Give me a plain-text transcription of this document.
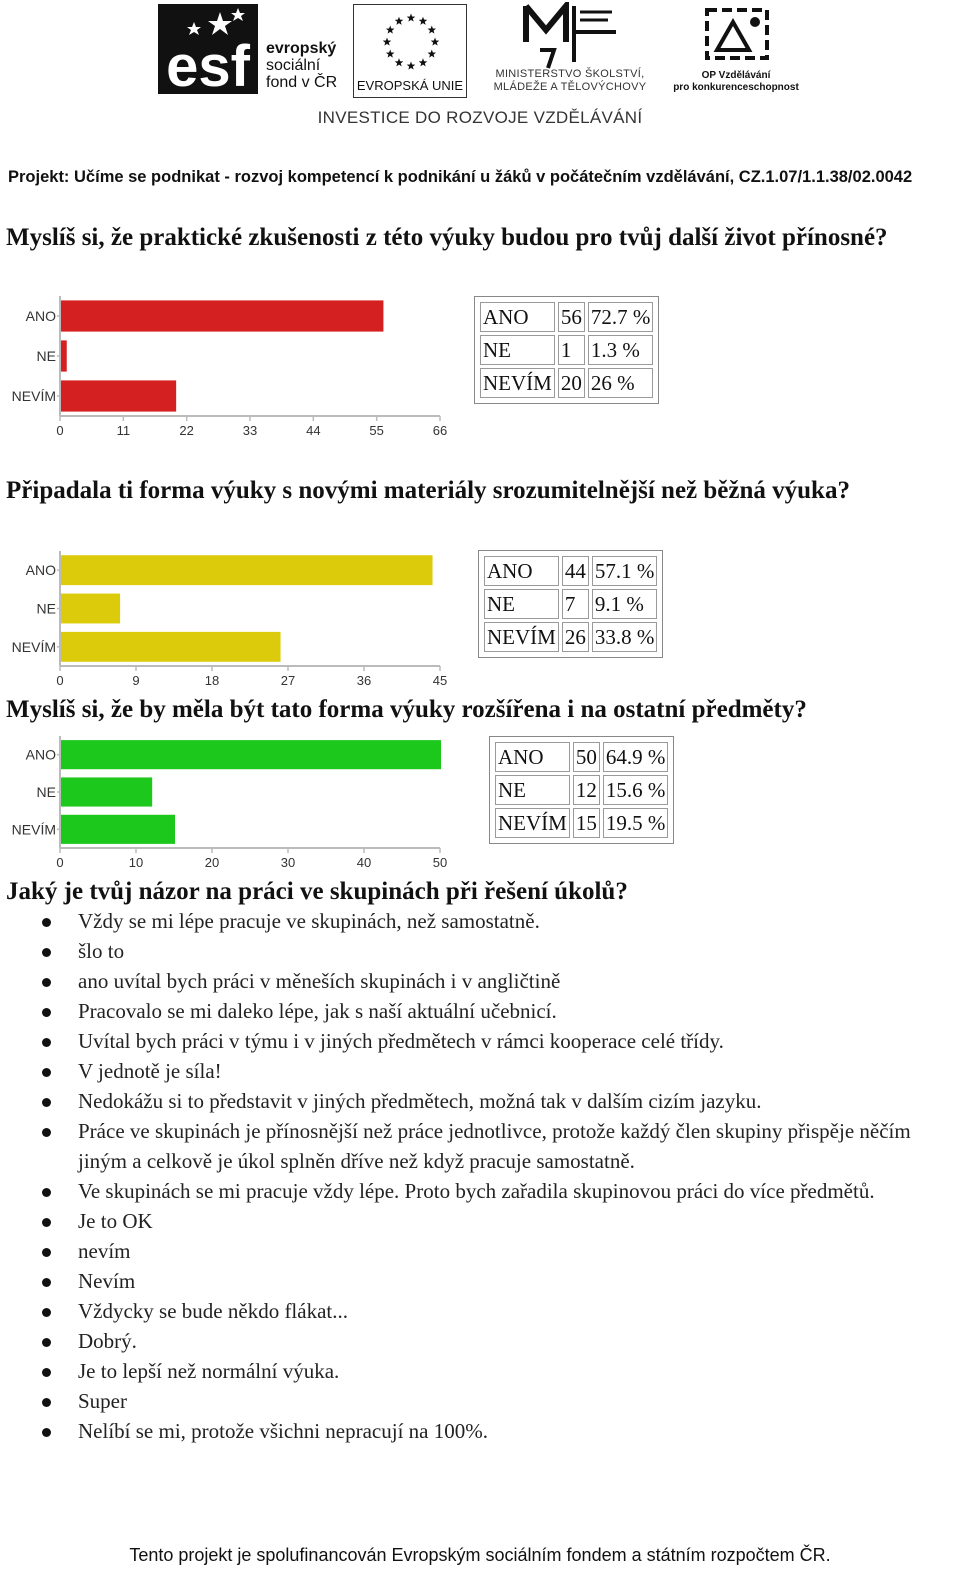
esf evropský
sociální
fond v ČR EVROPSKÁ UNIE
MINISTERSTVO ŠKOLSTVÍ,
MLÁDEŽE A TĚLOVÝCHOVY
OP Vzdělávání
pro konkurenceschopnost
INVESTICE DO ROZVOJE VZDĚLÁVÁNÍ
Projekt: Učíme se podnikat - rozvoj kompetencí k podnikání u žáků v počátečním vzdělávání, CZ.1.07/1.1.38/02.0042
Myslíš si, že praktické zkušenosti z této výuky budou pro tvůj další život přínosné?
0	11	22	33	44	55	66
ANO
NE
NEVÍM
ANO	56	72.7 %
NE	1	1.3 %
NEVÍM	20	26 %
Připadala ti forma výuky s novými materiály srozumitelnější než běžná výuka?
0	9	18	27	36	45
ANO
NE
NEVÍM
ANO	44	57.1 %
NE	7	9.1 %
NEVÍM	26	33.8 %
Myslíš si, že by měla být tato forma výuky rozšířena i na ostatní předměty?
0	10	20	30	40	50
ANO
NE
NEVÍM
ANO	50	64.9 %
NE	12	15.6 %
NEVÍM	15	19.5 %
Jaký je tvůj názor na práci ve skupinách při řešení úkolů?
Vždy se mi lépe pracuje ve skupinách, než samostatně.
šlo to
ano uvítal bych práci v měneších skupinách i v angličtině
Pracovalo se mi daleko lépe, jak s naší aktuální učebnicí.
Uvítal bych práci v týmu i v jiných předmětech v rámci kooperace celé třídy.
V jednotě je síla!
Nedokážu si to představit v jiných předmětech, možná tak v dalším cizím jazyku.
Práce ve skupinách je přínosnější než práce jednotlivce, protože každý člen skupiny přispěje něčím jiným a celkově je úkol splněn dříve než když pracuje samostatně.
Ve skupinách se mi pracuje vždy lépe. Proto bych zařadila skupinovou práci do více předmětů.
Je to OK
nevím
Nevím
Vždycky se bude někdo flákat...
Dobrý.
Je to lepší než normální výuka.
Super
Nelíbí se mi, protože všichni nepracují na 100%.
Tento projekt je spolufinancován Evropským sociálním fondem a státním rozpočtem ČR.
